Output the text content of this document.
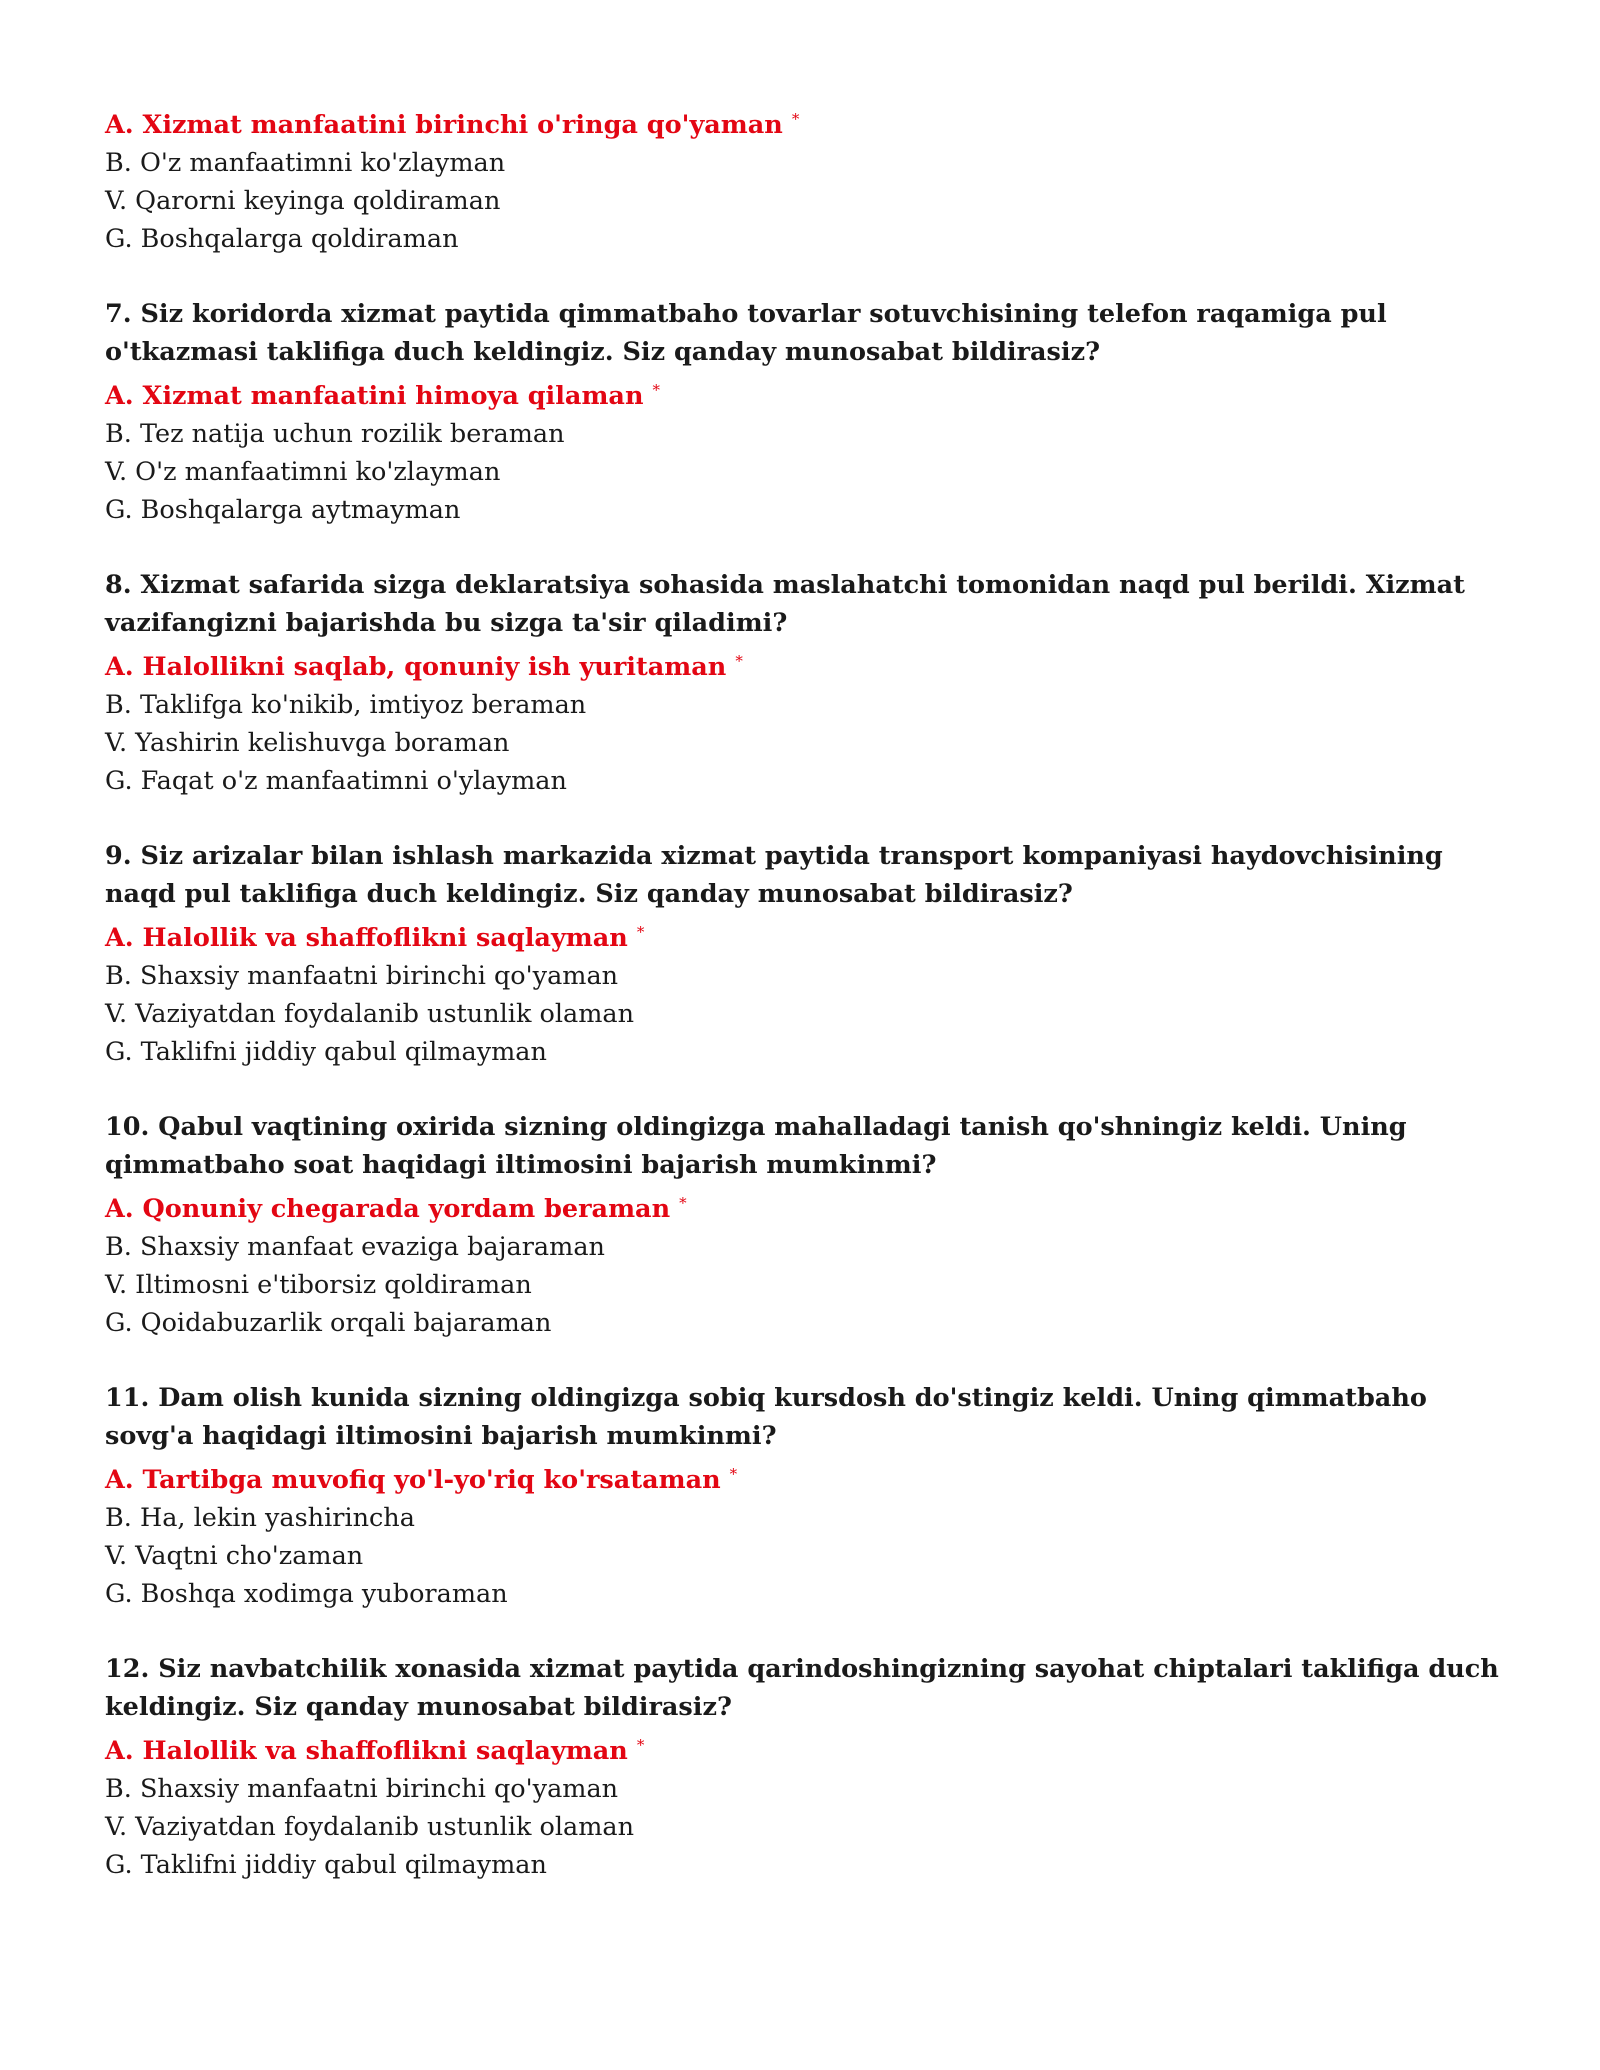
A. Xizmat manfaatini birinchi o'ringa qo'yaman *

B. O'z manfaatimni ko'zlayman

V. Qarorni keyinga qoldiraman

G. Boshqalarga qoldiraman

7. Siz koridorda xizmat paytida qimmatbaho tovarlar sotuvchisining telefon raqamiga pul o'tkazmasi taklifiga duch keldingiz. Siz qanday munosabat bildirasiz?

A. Xizmat manfaatini himoya qilaman *

B. Tez natija uchun rozilik beraman

V. O'z manfaatimni ko'zlayman

G. Boshqalarga aytmayman

8. Xizmat safarida sizga deklaratsiya sohasida maslahatchi tomonidan naqd pul berildi. Xizmat vazifangizni bajarishda bu sizga ta'sir qiladimi?

A. Halollikni saqlab, qonuniy ish yuritaman *

B. Taklifga ko'nikib, imtiyoz beraman

V. Yashirin kelishuvga boraman

G. Faqat o'z manfaatimni o'ylayman

9. Siz arizalar bilan ishlash markazida xizmat paytida transport kompaniyasi haydovchisining naqd pul taklifiga duch keldingiz. Siz qanday munosabat bildirasiz?

A. Halollik va shaffoflikni saqlayman *

B. Shaxsiy manfaatni birinchi qo'yaman

V. Vaziyatdan foydalanib ustunlik olaman

G. Taklifni jiddiy qabul qilmayman

10. Qabul vaqtining oxirida sizning oldingizga mahalladagi tanish qo'shningiz keldi. Uning qimmatbaho soat haqidagi iltimosini bajarish mumkinmi?

A. Qonuniy chegarada yordam beraman *

B. Shaxsiy manfaat evaziga bajaraman

V. Iltimosni e'tiborsiz qoldiraman

G. Qoidabuzarlik orqali bajaraman

11. Dam olish kunida sizning oldingizga sobiq kursdosh do'stingiz keldi. Uning qimmatbaho sovg'a haqidagi iltimosini bajarish mumkinmi?

A. Tartibga muvofiq yo'l-yo'riq ko'rsataman *

B. Ha, lekin yashirincha

V. Vaqtni cho'zaman

G. Boshqa xodimga yuboraman

12. Siz navbatchilik xonasida xizmat paytida qarindoshingizning sayohat chiptalari taklifiga duch keldingiz. Siz qanday munosabat bildirasiz?

A. Halollik va shaffoflikni saqlayman *

B. Shaxsiy manfaatni birinchi qo'yaman

V. Vaziyatdan foydalanib ustunlik olaman

G. Taklifni jiddiy qabul qilmayman
